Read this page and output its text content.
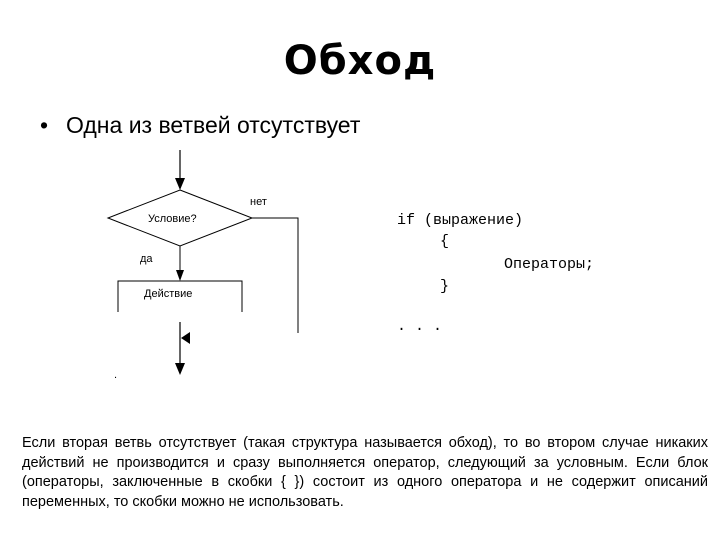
Обход
• Одна из ветвей отсутствует
Условие?
нет
да
Действие
.
if (выражение)
{
Операторы;
}
. . .
Если вторая ветвь отсутствует (такая структура называется обход), то во втором случае никаких действий не производится и сразу выполняется оператор, следующий за условным. Если блок (операторы, заключенные в скобки { }) состоит из одного оператора и не содержит описаний переменных, то скобки можно не использовать.
